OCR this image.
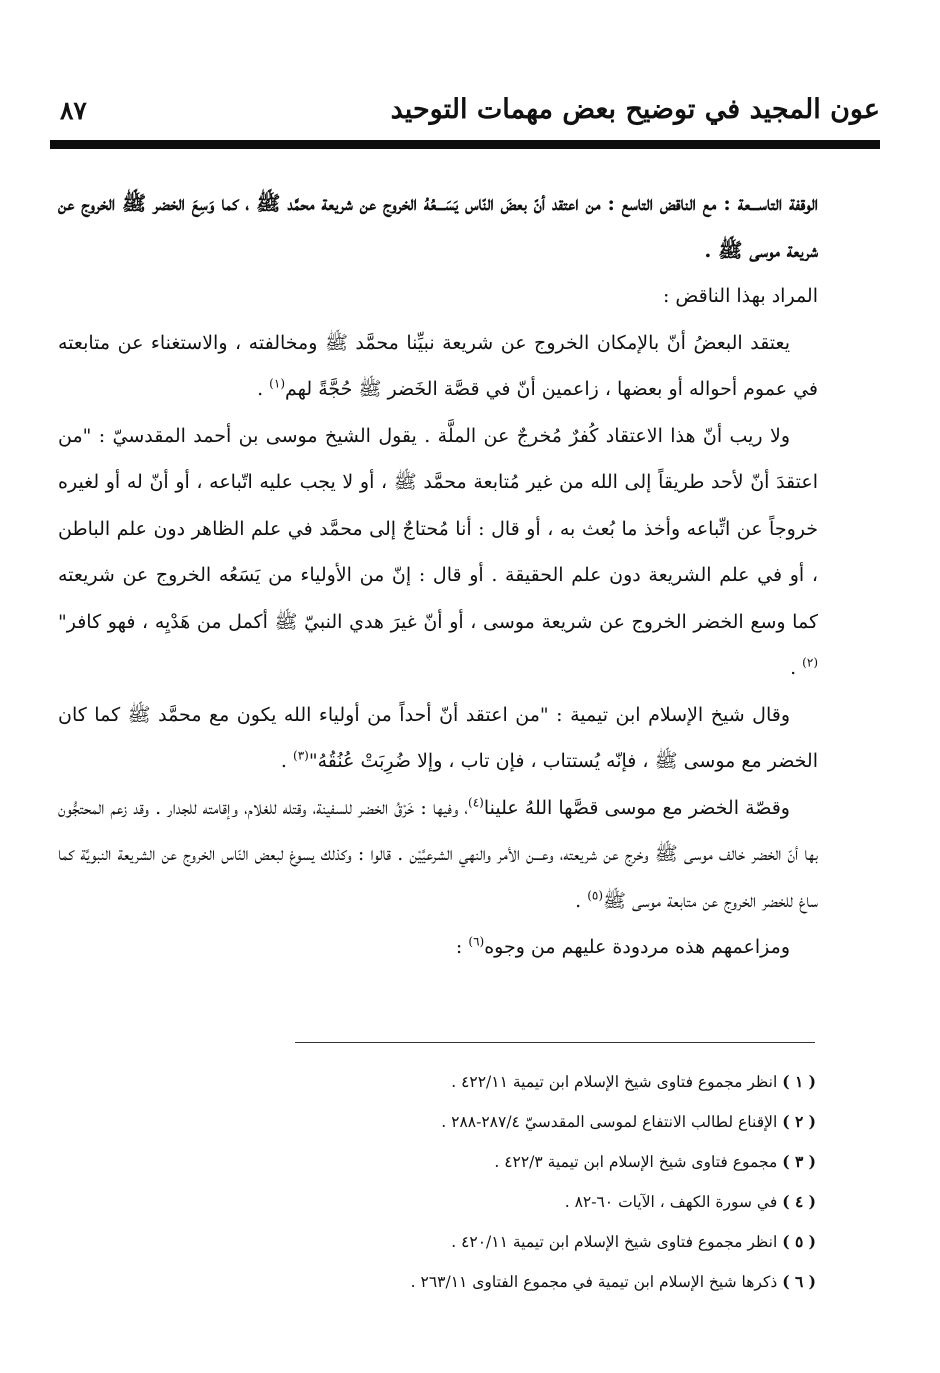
عون المجيد في توضيح بعض مهمات التوحيد
٨٧

الوقفة التاســـعة : مع الناقض التاسع : من اعتقد أنّ بعضَ النّاس يَسَـــعُهُ الخروج عن شريعة محمَّد ﷺ ، كما وَسِعَ الخضر ﷺ الخروج عن شريعة موسى ﷺ .

المراد بهذا الناقض :

يعتقد البعضُ أنّ بالإمكان الخروج عن شريعة نبيِّنا محمَّد ﷺ ومخالفته ، والاستغناء عن متابعته في عموم أحواله أو بعضها ، زاعمين أنّ في قصَّة الخَضر ﷺ حُجَّةً لهم$^{(١)}$ .

ولا ريب أنّ هذا الاعتقاد كُفرٌ مُخرجٌ عن الملَّة . يقول الشيخ موسى بن أحمد المقدسيّ : "من اعتقدَ أنّ لأحد طريقاً إلى الله من غير مُتابعة محمَّد ﷺ ، أو لا يجب عليه اتّباعه ، أو أنّ له أو لغيره خروجاً عن اتِّباعه وأخذ ما بُعث به ، أو قال : أنا مُحتاجٌ إلى محمَّد في علم الظاهر دون علم الباطن ، أو في علم الشريعة دون علم الحقيقة . أو قال : إنّ من الأولياء من يَسَعُه الخروج عن شريعته كما وسع الخضر الخروج عن شريعة موسى ، أو أنّ غيرَ هدي النبيّ ﷺ أكمل من هَدْيِه ، فهو كافر"$^{(٢)}$ .

وقال شيخ الإسلام ابن تيمية : "من اعتقد أنّ أحداً من أولياء الله يكون مع محمَّد ﷺ كما كان الخضر مع موسى ﷺ ، فإنّه يُستتاب ، فإن تاب ، وإلا ضُرِبَتْ عُنُقُهُ"$^{(٣)}$ .

وقصّة الخضر مع موسى قصَّها اللهُ علينا$^{(٤)}$، وفيها : خَرْقُ الخضر للسفينة، وقتله للغلام، وإقامته للجدار . وقد زعم المحتجُّون بها أنّ الخضر خالف موسى ﷺ وخرج عن شريعته، وعـــن الأمر والنهي الشرعيَّيْن . قالوا : وكذلك يسوغ لبعض النّاس الخروج عن الشريعة النبويَّة كما ساغ للخضر الخروج عن متابعة موسى ﷺ$^{(٥)}$ .

ومزاعمهم هذه مردودة عليهم من وجوه$^{(٦)}$ :

( ١ ) انظر مجموع فتاوى شيخ الإسلام ابن تيمية ٤٢٢/١١ .
( ٢ ) الإقناع لطالب الانتفاع لموسى المقدسيّ ٢٨٧/٤-٢٨٨ .
( ٣ ) مجموع فتاوى شيخ الإسلام ابن تيمية ٤٢٢/٣ .
( ٤ ) في سورة الكهف ، الآيات ٦٠-٨٢ .
( ٥ ) انظر مجموع فتاوى شيخ الإسلام ابن تيمية ٤٢٠/١١ .
( ٦ ) ذكرها شيخ الإسلام ابن تيمية في مجموع الفتاوى ٢٦٣/١١ .
